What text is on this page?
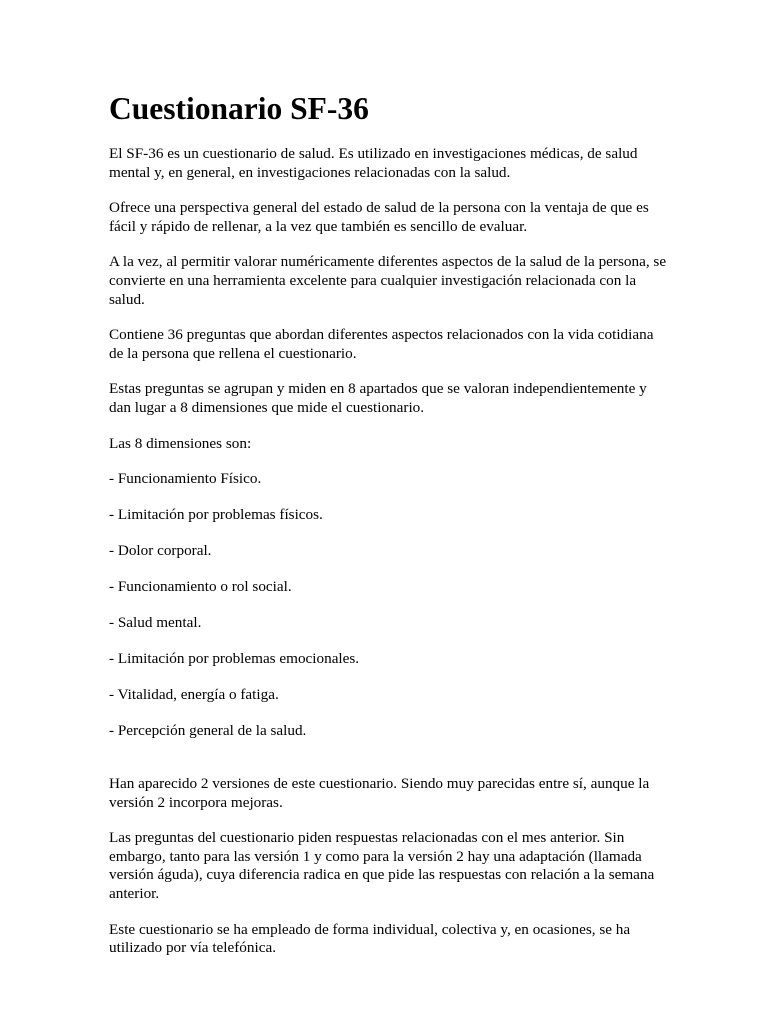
Cuestionario SF-36

El SF-36 es un cuestionario de salud. Es utilizado en investigaciones médicas, de salud mental y, en general, en investigaciones relacionadas con la salud.

Ofrece una perspectiva general del estado de salud de la persona con la ventaja de que es fácil y rápido de rellenar, a la vez que también es sencillo de evaluar.

A la vez, al permitir valorar numéricamente diferentes aspectos de la salud de la persona, se convierte en una herramienta excelente para cualquier investigación relacionada con la salud.

Contiene 36 preguntas que abordan diferentes aspectos relacionados con la vida cotidiana de la persona que rellena el cuestionario.

Estas preguntas se agrupan y miden en 8 apartados que se valoran independientemente y dan lugar a 8 dimensiones que mide el cuestionario.

Las 8 dimensiones son:

- Funcionamiento Físico.

- Limitación por problemas físicos.

- Dolor corporal.

- Funcionamiento o rol social.

- Salud mental.

- Limitación por problemas emocionales.

- Vitalidad, energía o fatiga.

- Percepción general de la salud.

Han aparecido 2 versiones de este cuestionario. Siendo muy parecidas entre sí, aunque la versión 2 incorpora mejoras.

Las preguntas del cuestionario piden respuestas relacionadas con el mes anterior. Sin embargo, tanto para las versión 1 y como para la versión 2 hay una adaptación (llamada versión águda), cuya diferencia radica en que pide las respuestas con relación a la semana anterior.

Este cuestionario se ha empleado de forma individual, colectiva y, en ocasiones, se ha utilizado por vía telefónica.
